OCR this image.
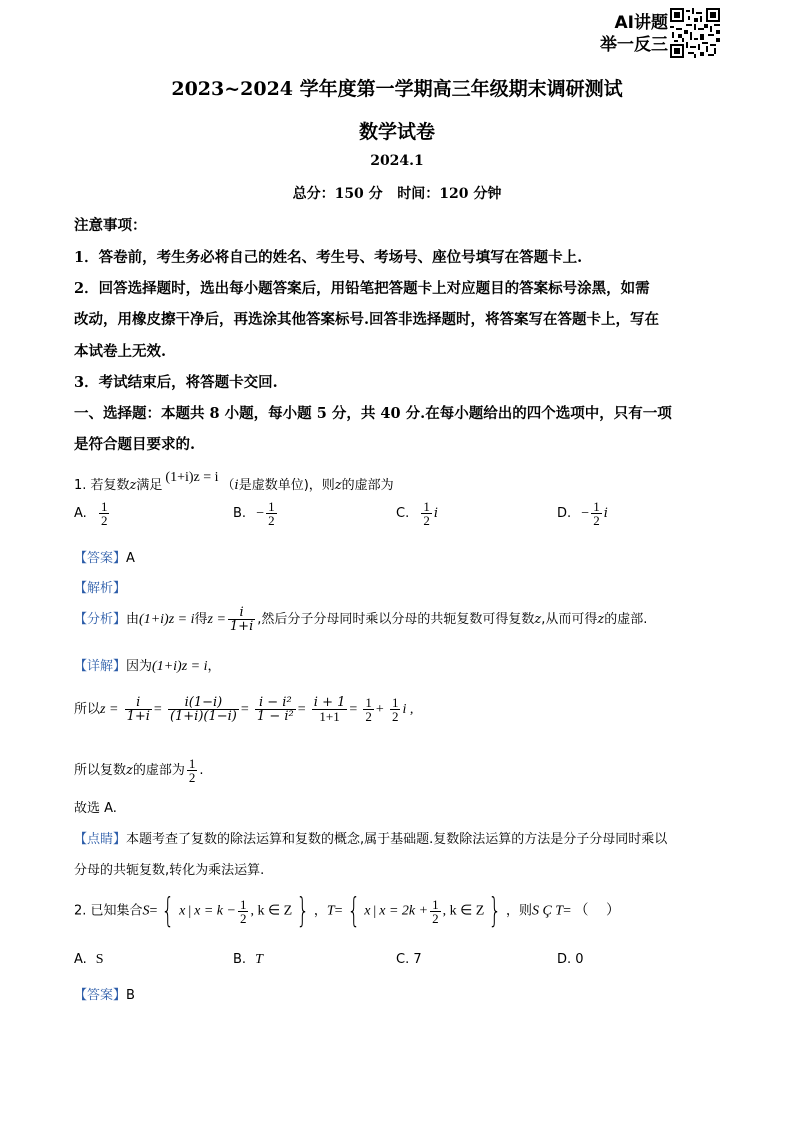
AI讲题
举一反三
2023~2024 学年度第一学期高三年级期末调研测试
数学试卷
2024.1
总分：150 分   时间：120 分钟
注意事项：
1．答卷前，考生务必将自己的姓名、考生号、考场号、座位号填写在答题卡上.
2．回答选择题时，选出每小题答案后，用铅笔把答题卡上对应题目的答案标号涂黑，如需
改动，用橡皮擦干净后，再选涂其他答案标号.回答非选择题时，将答案写在答题卡上，写在
本试卷上无效.
3．考试结束后，将答题卡交回.
一、选择题：本题共 8 小题，每小题 5 分，共 40 分.在每小题给出的四个选项中，只有一项
是符合题目要求的.
1. 若复数z满足(1+i)z = i（i是虚数单位)，则z的虚部为
A. $\frac{1}{2}$	B. − $\frac{1}{2}$	C. $\frac{1}{2}$ i	D. − $\frac{1}{2}$ i
【答案】A
【解析】
【分析】由(1+i)z = i得$z = \frac{i}{1+i}$ ,然后分子分母同时乘以分母的共轭复数可得复数z,从而可得z的虚部.
【详解】因为(1+i)z = i，
所以$z = \frac{i}{1+i} = \frac{i(1-i)}{(1+i)(1-i)} = \frac{\text{i − i²}}{\text{1 − i²}} = \frac{i + 1}{1+1} = \frac{1}{2} + \frac{1}{2}$ i ,
所以复数z的虚部为 $\frac{1}{2}$ .
故选 A.
【点睛】本题考查了复数的除法运算和复数的概念,属于基础题.复数除法运算的方法是分子分母同时乘以
分母的共轭复数,转化为乘法运算.
2. 已知集合S= { x | $x = k - \frac{1}{2}$ , k ∈ Z } ，T= { x | $x = 2k + \frac{1}{2}$ , k ∈ Z } ，则S Ç T= （     ）
A. S	B. T	C. 7	D. 0
【答案】B
